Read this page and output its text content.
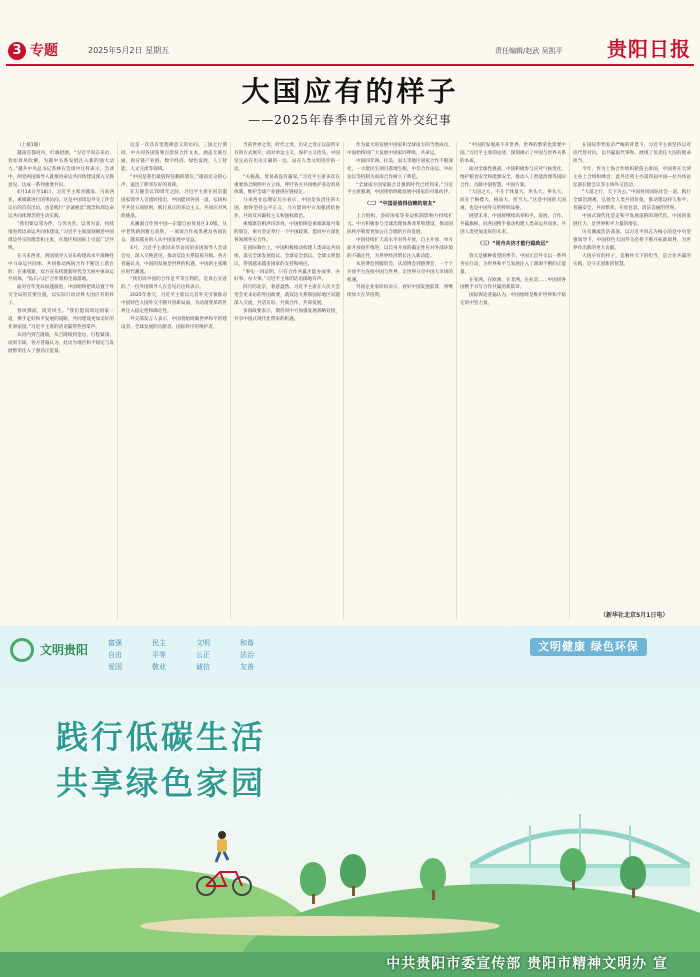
3 专题	2025年5月2日 星期五	责任编辑/赵武 吴凯平 贵阳日报
大国应有的样子
——2025年春季中国元首外交纪事

（上接1版）

越南首都河内，红旗招展。“习近平同志来访，犹如春风吹拂，为越中关系发展注入新的强大动力。”越共中央总书记苏林在会谈中这样表示。会谈中，两党两国领导人就推进命运共同体建设深入交换意见，达成一系列重要共识。

4月14日至18日，习近平主席对越南、马来西亚、柬埔寨进行国事访问。这是中国周边外交工作会议后的首次出访，也是践行“亲诚惠容”理念和周边命运共同体理念的生动实践。

“我们要以邻为伴、与邻为善、以邻为富，持续推进周边命运共同体建设。”习近平主席深刻阐述中国周边外交的理念和主张，在地区和国际上引起广泛共鸣。

在马来西亚，两国领导人宣布构建高水平战略性中马命运共同体，共同推动两国合作不断迈上新台阶；在柬埔寨，双方宣布构建新时代全天候中柬命运共同体，“钻石六边”合作架构全面落地。

面对百年变局加速演进，中国始终把周边置于外交全局的首要位置，以实际行动诠释大国应有的样子。

春风拂面，谈笑风生。“我们愿同周边国家一道，携手走好和平发展的道路，共同建设更加美好的亚洲家园。”习近平主席的话语赢得热烈掌声。

从河内到吉隆坡，从吉隆坡到金边，行程紧凑、成果丰硕。各方普遍认为，此访为地区和平稳定与发展繁荣注入了强劲正能量。

这是一次具有里程碑意义的访问。三国之行期间，中方同各国签署百余份合作文本，涵盖互联互通、供应链产业链、数字经济、绿色发展、人工智能、人文交流等领域。

“中国是我们最值得信赖的朋友。”越南民众的心声，道出了睦邻友好的真谛。

在万隆会议70周年之际，习近平主席在同东盟国家领导人交流时指出，中国愿同各国一道，弘扬和平共处五项原则，践行真正的多边主义，共同应对风险挑战。

从澜湄合作到中国—东盟自由贸易区3.0版，从中老铁路到雅万高铁，一项项合作成果惠及各国民众，越来越多的人从中国发展中受益。

4月，习近平主席同来华访问的多国领导人会谈会见，深入交换意见，推动双边关系提质升级。各方普遍认为，中国的发展是世界的机遇，中国的主张顺应时代潮流。

“我们同中国的合作是平等互利的，是真心实意的。”一位外国领导人在会见后这样表示。

2025年春天，习近平主席以元首外交引领推动中国特色大国外交不断开创新局面，为动荡变革的世界注入稳定性和确定性。

外交部发言人表示，中国将始终做世界和平的建设者、全球发展的贡献者、国际秩序的维护者。

当前世界之变、时代之变、历史之变正以前所未有的方式展开。面对单边主义、保护主义抬头，中国坚定站在历史正确的一边，站在人类文明进步的一边。

“关税战、贸易战没有赢家。”习近平主席多次在重要场合阐明中方立场，呼吁各方共同维护多边贸易体制，维护全球产业链供应链稳定。

马来西亚总理安瓦尔表示，中国是负责任的大国，始终坚持公平正义，马方愿同中方加强团结协作，共同反对霸权主义和强权政治。

柬埔寨首相洪玛奈说，中国始终是柬埔寨最可靠的朋友，柬方坚定奉行一个中国政策，愿同中方深化各领域务实合作。

在国际舞台上，中国积极推动构建人类命运共同体，落实全球发展倡议、全球安全倡议、全球文明倡议，得到越来越多国家的支持和响应。

“事实一再证明，只有合作共赢才能办成事、办好事、办大事。”习近平主席的话语掷地有声。

四月的北京，春意盎然。习近平主席在人民大会堂会见来访的外国政要，就双边关系和国际地区问题深入交流，共话友谊、共商合作、共谋发展。

多国政要表示，期待同中方加强发展战略对接，共享中国式现代化带来的机遇。

作为最大的发展中国家和全球南方的当然成员，中国始终同广大发展中国家同呼吸、共命运。

中国同非洲、拉美、南太等地区国家合作不断深化，一大批民生项目落地生根，中非合作论坛、中拉论坛等机制为南南合作树立了典范。

“全球南方国家联合自强的时代已经到来。”习近平主席强调，中国将始终做发展中国家的可靠伙伴。

（二）“中国是值得信赖的朋友”

上合组织、金砖国家等多边机制影响力持续扩大。中方积极参与全球治理体系改革和建设，推动国际秩序朝着更加公正合理的方向发展。

中国持续扩大高水平对外开放，自主开放、单方面开放稳步推进，以自身开放的确定性应对外部环境的不确定性，为世界经济增长注入新动能。

从进博会到服贸会，从消博会到链博会，一个个开放平台连接中国与世界，让世界分享中国大市场的机遇。

外国企业家纷纷表示，看好中国发展前景，将继续加大在华投资。

“中国的发展离不开世界，世界的繁荣也需要中国。”习近平主席的论述，深刻揭示了中国与世界关系的本质。

面对全球性挑战，中国积极参与应对气候变化、维护粮食安全和能源安全、推动人工智能治理等国际合作，贡献中国智慧、中国方案。

“大国之大，不在于体量大、块头大、拳头大，而在于胸襟大、格局大、担当大。”这是中国的大国观，也是中国外交的鲜明品格。

展望未来，中国将继续高举和平、发展、合作、共赢旗帜，同各国携手推动构建人类命运共同体，共创人类更加美好的未来。

（三）“同舟共济才能行稳致远”

春天是播种希望的季节。中国元首外交以一系列务实行动，为世界和平与发展注入了源源不断的正能量。

在亚洲，在欧洲，在非洲，在拉美……中国同各国携手书写合作共赢的新篇章。

国际舆论普遍认为，中国始终是维护世界和平稳定的中坚力量。

在国际形势复杂严峻的背景下，习近平主席坚持以对话代替对抗、以共赢取代零和，展现了负责任大国的使命担当。

今年，作为上海合作组织轮值主席国，中国将在天津主办上合组织峰会；此外还将主办第四届中国—拉共体论坛部长级会议等主场外交活动。

“大道之行，天下为公。”中国将同国际社会一道，践行全球治理观，弘扬全人类共同价值，推动建设持久和平、普遍安全、共同繁荣、开放包容、清洁美丽的世界。

中国式现代化是走和平发展道路的现代化。中国的发展壮大，是世界和平力量的增长。

历史潮流浩浩荡荡。以习近平同志为核心的党中央坚强领导下，中国特色大国外交必将不断开拓新境界，为世界作出新的更大贡献。

大国应有的样子，是胸怀天下的担当，是合作共赢的实践，是守正创新的智慧。

（新华社北京5月1日电）
文明贵阳	富强	民主	文明	和谐
自由	平等	公正	法治
爱国	敬业	诚信	友善
文明健康 绿色环保
践行低碳生活
共享绿色家园
中共贵阳市委宣传部 贵阳市精神文明办 宣
